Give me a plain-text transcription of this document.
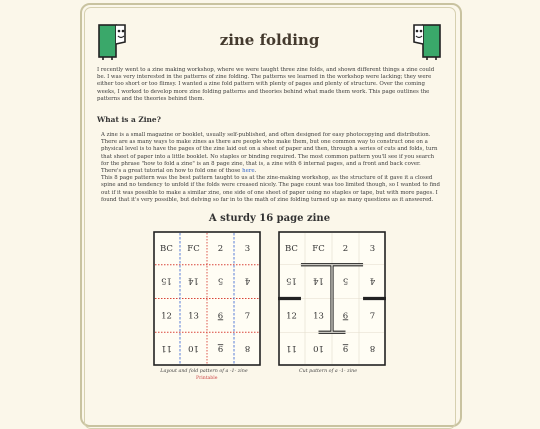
zine folding

I recently went to a zine making workshop, where we were taught three zine folds, and shown different things a zine could be. I was very interested in the patterns of zine folding. The patterns we learned in the workshop were lacking; they were either too short or too flimsy. I wanted a zine fold pattern with plenty of pages and plenty of structure. Over the coming weeks, I worked to develop more zine folding patterns and theories behind what made them work. This page outlines the patterns and the theories behind them.

What is a Zine?

A zine is a small magazine or booklet, usually self-published, and often designed for easy photocopying and distribution. There are as many ways to make zines as there are people who make them, but one common way to construct one on a physical level is to have the pages of the zine laid out on a sheet of paper and then, through a series of cuts and folds, turn that sheet of paper into a little booklet. No staples or binding required. The most common pattern you'll see if you search for the phrase "how to fold a zine" is an 8 page zine, that is, a zine with 6 internal pages, and a front and back cover. There's a great tutorial on how to fold one of those here.

This 8 page pattern was the best pattern taught to us at the zine-making workshop, as the structure of it gave it a closed spine and no tendency to unfold if the folds were creased nicely. The page count was too limited though, so I wanted to find out if it was possible to make a similar zine, one side of one sheet of paper using no staples or tape, but with more pages. I found that it's very possible, but delving so far in to the math of zine folding turned up as many questions as it answered.

A sturdy 16 page zine
BC FC 2	3
15 14 5	4
12 13 6	7
11 10 9	8
BC FC 2	3
15 14 5	4
12 13 6	7
11 10 9	8
Layout and fold pattern of a -1- zine	Cut pattern of a -1- zine
Printable
